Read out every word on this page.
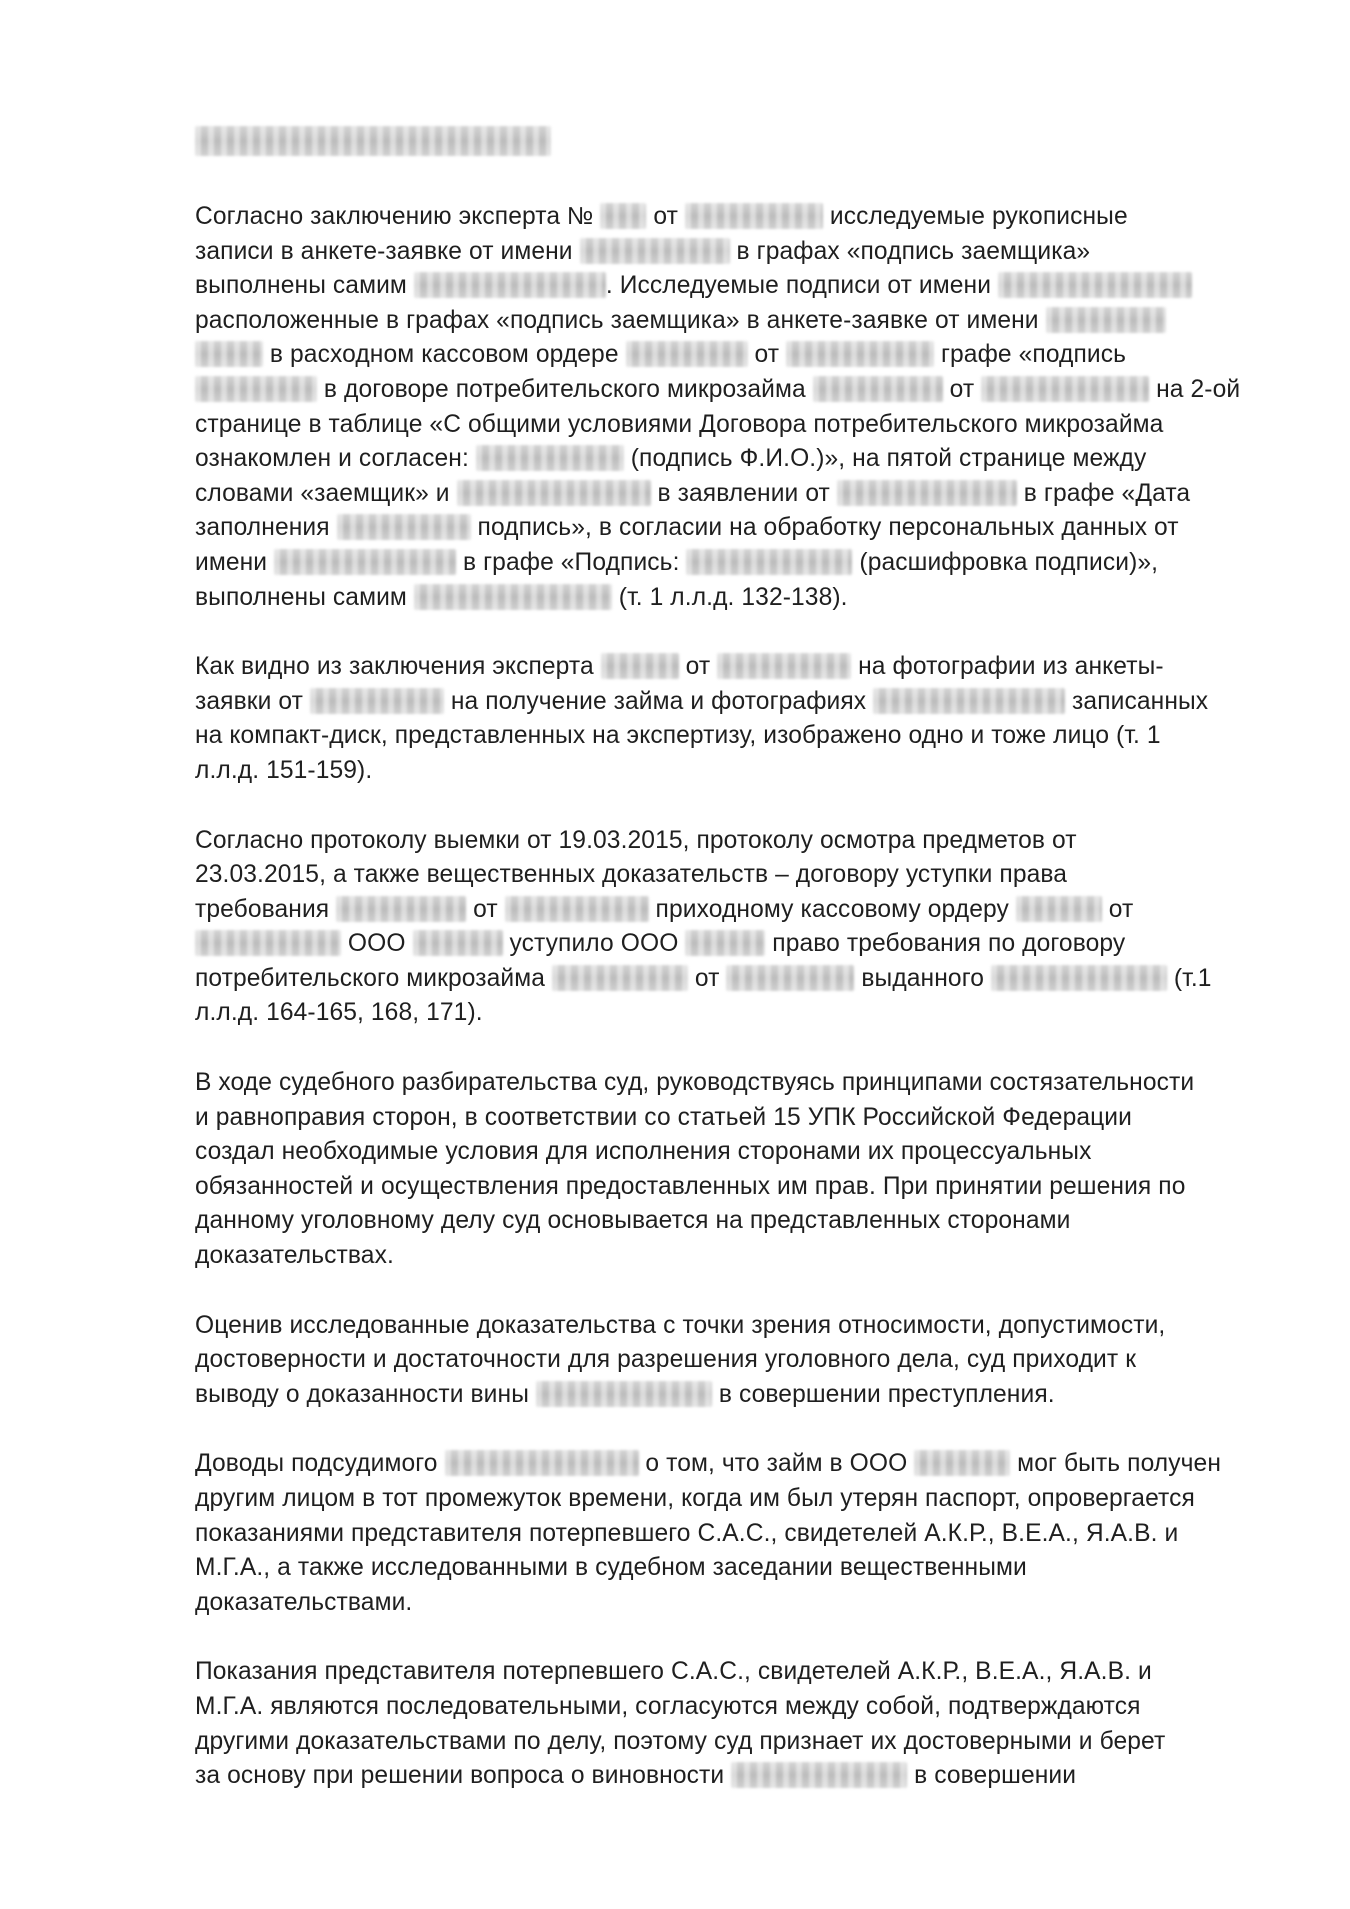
Согласно заключению эксперта №  от	исследуемые рукописные
записи в анкете-заявке от имени	в графах «подпись заемщика»
выполнены самим	. Исследуемые подписи от имени
расположенные в графах «подпись заемщика» в анкете-заявке от имени
в расходном кассовом ордере	от	графе «подпись
в договоре потребительского микрозайма	от	на 2-ой
странице в таблице «С общими условиями Договора потребительского микрозайма
ознакомлен и согласен:	(подпись Ф.И.О.)», на пятой странице между
словами «заемщик» и	в заявлении от	в графе «Дата
заполнения	подпись», в согласии на обработку персональных данных от
имени	в графе «Подпись:	(расшифровка подписи)»,
выполнены самим	(т. 1 л.л.д. 132-138).

Как видно из заключения эксперта	от	на фотографии из анкеты-
заявки от	на получение займа и фотографиях	записанных
на компакт-диск, представленных на экспертизу, изображено одно и тоже лицо (т. 1
л.л.д. 151-159).

Согласно протоколу выемки от 19.03.2015, протоколу осмотра предметов от
23.03.2015, а также вещественных доказательств – договору уступки права
требования	от	приходному кассовому ордеру	от
ООО	уступило ООО	право требования по договору
потребительского микрозайма	от	выданного	(т.1
л.л.д. 164-165, 168, 171).

В ходе судебного разбирательства суд, руководствуясь принципами состязательности
и равноправия сторон, в соответствии со статьей 15 УПК Российской Федерации
создал необходимые условия для исполнения сторонами их процессуальных
обязанностей и осуществления предоставленных им прав. При принятии решения по
данному уголовному делу суд основывается на представленных сторонами
доказательствах.

Оценив исследованные доказательства с точки зрения относимости, допустимости,
достоверности и достаточности для разрешения уголовного дела, суд приходит к
выводу о доказанности вины	в совершении преступления.

Доводы подсудимого	о том, что займ в ООО	мог быть получен
другим лицом в тот промежуток времени, когда им был утерян паспорт, опровергается
показаниями представителя потерпевшего С.А.С., свидетелей А.К.Р., В.Е.А., Я.А.В. и
М.Г.А., а также исследованными в судебном заседании вещественными
доказательствами.

Показания представителя потерпевшего С.А.С., свидетелей А.К.Р., В.Е.А., Я.А.В. и
М.Г.А. являются последовательными, согласуются между собой, подтверждаются
другими доказательствами по делу, поэтому суд признает их достоверными и берет
за основу при решении вопроса о виновности	в совершении
